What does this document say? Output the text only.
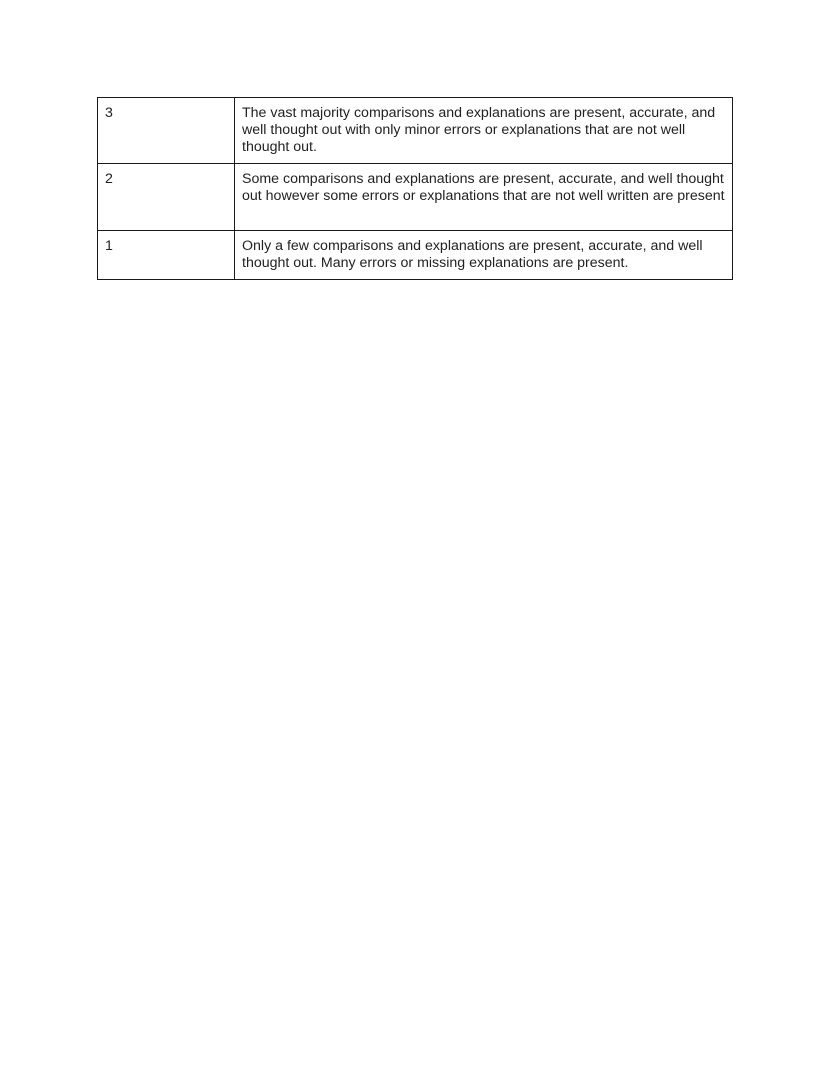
3	The vast majority comparisons and explanations are present, accurate, and well thought out with only minor errors or explanations that are not well thought out.
2	Some comparisons and explanations are present, accurate, and well thought out however some errors or explanations that are not well written are present
1	Only a few comparisons and explanations are present, accurate, and well thought out. Many errors or missing explanations are present.
